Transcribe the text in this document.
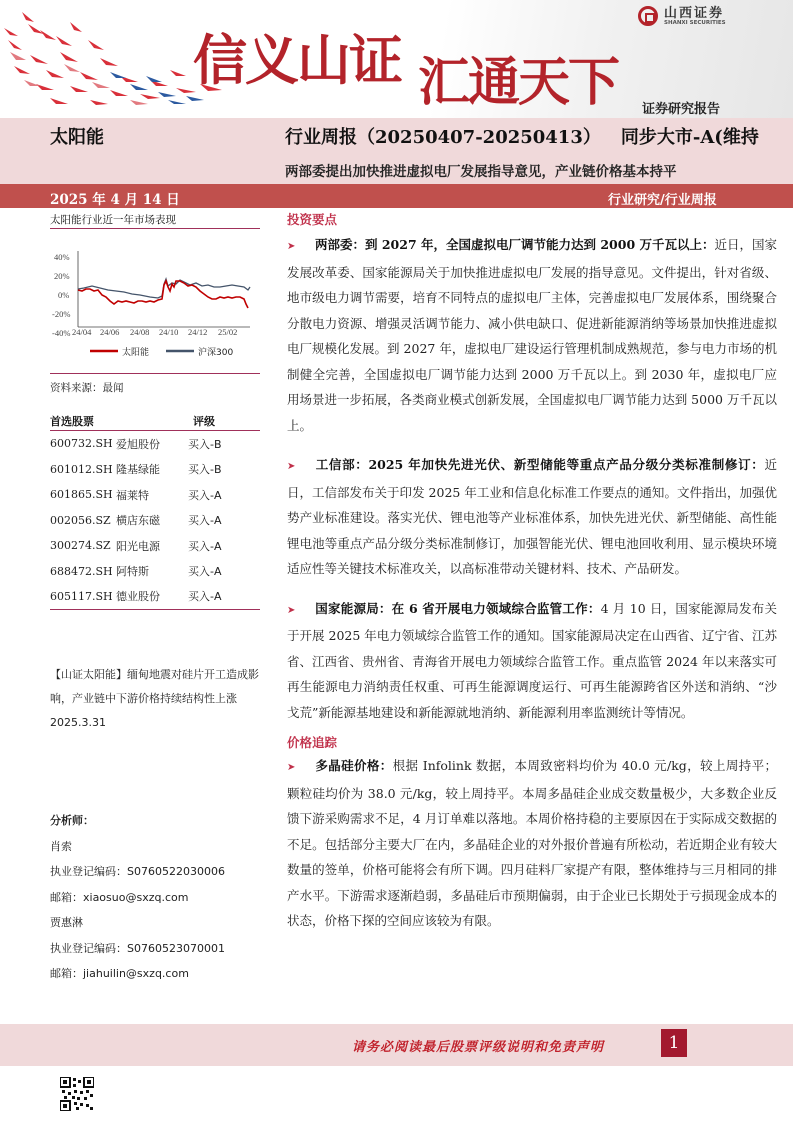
信义山证 汇通天下
山西证券
SHANXI SECURITIES
证券研究报告
太阳能	行业周报（20250407-20250413） 同步大市-A(维持
两部委提出加快推进虚拟电厂发展指导意见，产业链价格基本持平
2025 年 4 月 14 日	行业研究/行业周报
太阳能行业近一年市场表现
40%
20%
0%
-20%
-40% 24/04 24/06 24/08 24/10 24/12 25/02
太阳能	沪深300
资料来源：最闻
首选股票	评级
600732.SH 爱旭股份	买入-B
601012.SH 隆基绿能	买入-B
601865.SH 福莱特	买入-A
002056.SZ 横店东磁	买入-A
300274.SZ 阳光电源	买入-A
688472.SH 阿特斯	买入-A
605117.SH 德业股份	买入-A
【山证太阳能】缅甸地震对硅片开工造成影响，产业链中下游价格持续结构性上涨 2025.3.31
分析师：
肖索
执业登记编码：S0760522030006
邮箱：xiaosuo@sxzq.com
贾惠淋
执业登记编码：S0760523070001
邮箱：jiahuilin@sxzq.com
投资要点
➤ 两部委：到 2027 年，全国虚拟电厂调节能力达到 2000 万千瓦以上：近日，国家发展改革委、国家能源局关于加快推进虚拟电厂发展的指导意见。文件提出，针对省级、地市级电力调节需要，培育不同特点的虚拟电厂主体，完善虚拟电厂发展体系，围绕聚合分散电力资源、增强灵活调节能力、减小供电缺口、促进新能源消纳等场景加快推进虚拟电厂规模化发展。到 2027 年，虚拟电厂建设运行管理机制成熟规范，参与电力市场的机制健全完善，全国虚拟电厂调节能力达到 2000 万千瓦以上。到 2030 年，虚拟电厂应用场景进一步拓展，各类商业模式创新发展，全国虚拟电厂调节能力达到 5000 万千瓦以上。
➤ 工信部：2025 年加快先进光伏、新型储能等重点产品分级分类标准制修订：近日，工信部发布关于印发 2025 年工业和信息化标准工作要点的通知。文件指出，加强优势产业标准建设。落实光伏、锂电池等产业标准体系，加快先进光伏、新型储能、高性能锂电池等重点产品分级分类标准制修订，加强智能光伏、锂电池回收利用、显示模块环境适应性等关键技术标准攻关，以高标准带动关键材料、技术、产品研发。
➤ 国家能源局：在 6 省开展电力领域综合监管工作：4 月 10 日，国家能源局发布关于开展 2025 年电力领域综合监管工作的通知。国家能源局决定在山西省、辽宁省、江苏省、江西省、贵州省、青海省开展电力领域综合监管工作。重点监管 2024 年以来落实可再生能源电力消纳责任权重、可再生能源调度运行、可再生能源跨省区外送和消纳、“沙戈荒”新能源基地建设和新能源就地消纳、新能源利用率监测统计等情况。
价格追踪
➤ 多晶硅价格：根据 Infolink 数据，本周致密料均价为 40.0 元/kg，较上周持平；颗粒硅均价为 38.0 元/kg，较上周持平。本周多晶硅企业成交数量极少，大多数企业反馈下游采购需求不足，4 月订单难以落地。本周价格持稳的主要原因在于实际成交数据的不足。包括部分主要大厂在内，多晶硅企业的对外报价普遍有所松动，若近期企业有较大数量的签单，价格可能将会有所下调。四月硅料厂家提产有限，整体维持与三月相同的排产水平。下游需求逐渐趋弱，多晶硅后市预期偏弱，由于企业已长期处于亏损现金成本的状态，价格下探的空间应该较为有限。
请务必阅读最后股票评级说明和免责声明	1
